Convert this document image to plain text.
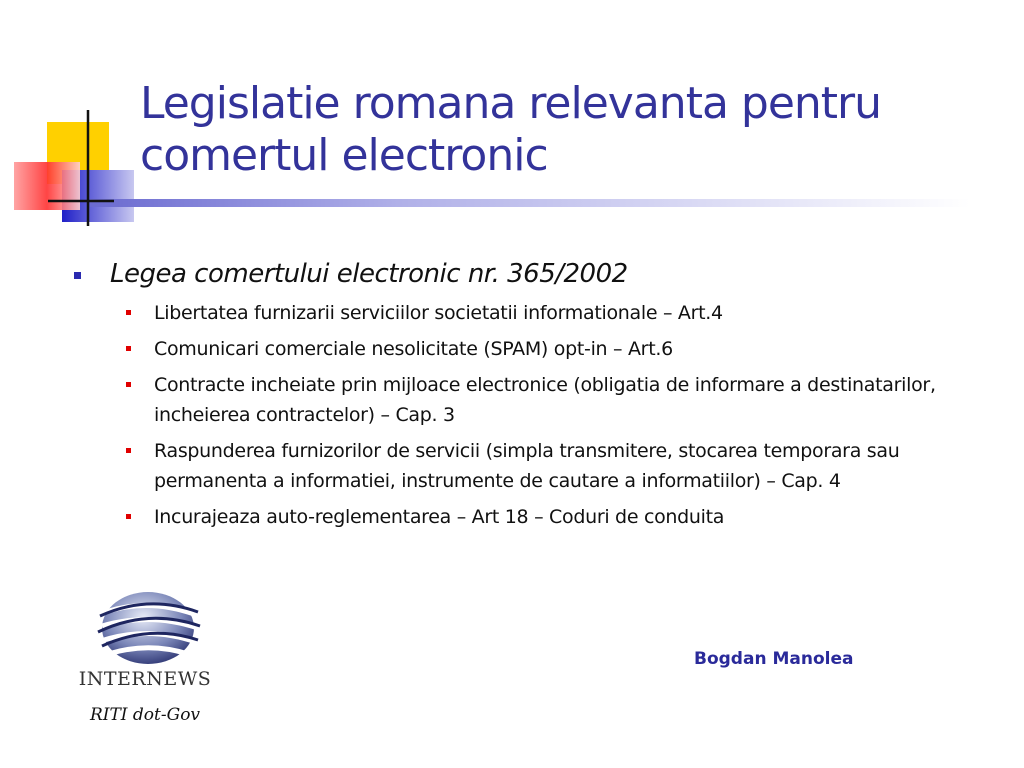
Legislatie romana relevanta pentru
comertul electronic
Legea comertului electronic nr. 365/2002
Libertatea furnizarii serviciilor societatii informationale – Art.4
Comunicari comerciale nesolicitate (SPAM) opt-in – Art.6
Contracte incheiate prin mijloace electronice (obligatia de informare a destinatarilor, incheierea contractelor) – Cap. 3
Raspunderea furnizorilor de servicii (simpla transmitere, stocarea temporara sau permanenta a informatiei, instrumente de cautare a informatiilor) – Cap. 4
Incurajeaza auto-reglementarea – Art 18 – Coduri de conduita
INTERNEWS
RITI dot-Gov
Bogdan Manolea
